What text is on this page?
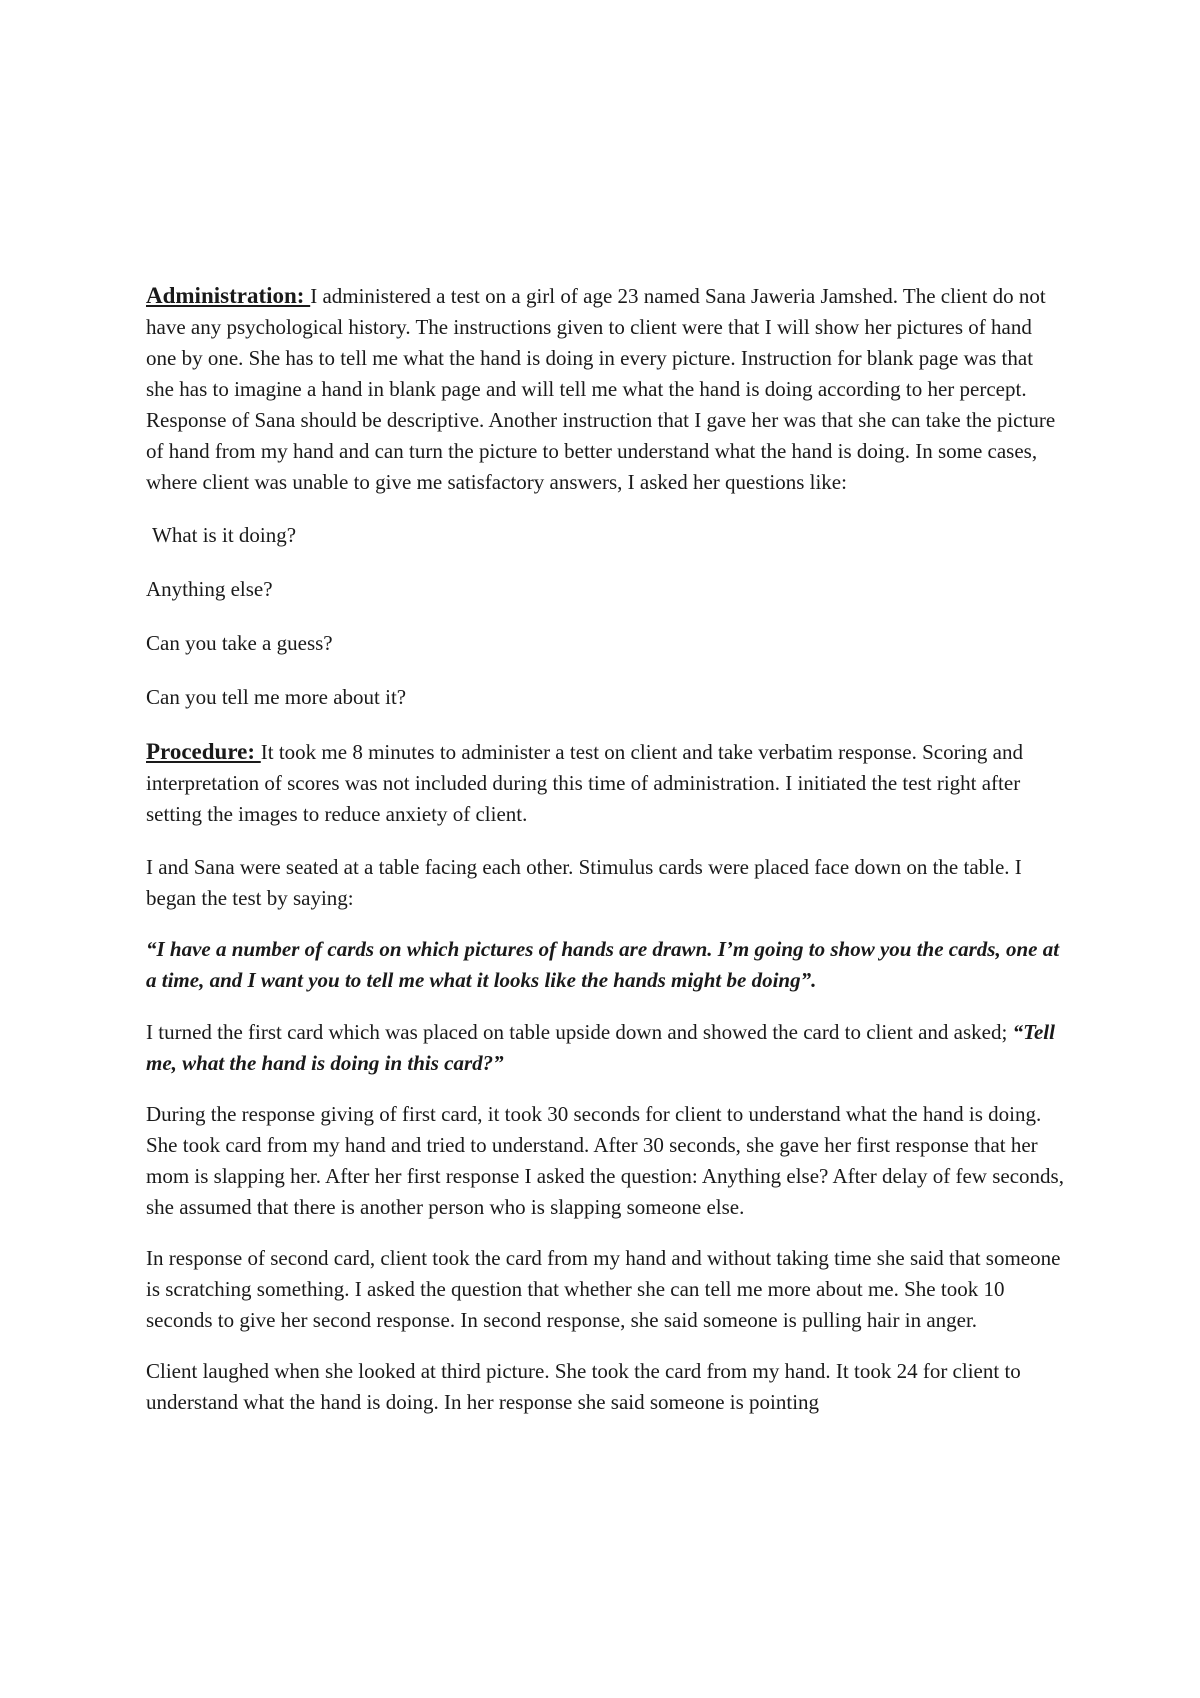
Administration: I administered a test on a girl of age 23 named Sana Jaweria Jamshed. The client do not have any psychological history. The instructions given to client were that I will show her pictures of hand one by one. She has to tell me what the hand is doing in every picture. Instruction for blank page was that she has to imagine a hand in blank page and will tell me what the hand is doing according to her percept. Response of Sana should be descriptive. Another instruction that I gave her was that she can take the picture of hand from my hand and can turn the picture to better understand what the hand is doing. In some cases, where client was unable to give me satisfactory answers, I asked her questions like:

What is it doing?

Anything else?

Can you take a guess?

Can you tell me more about it?

Procedure: It took me 8 minutes to administer a test on client and take verbatim response. Scoring and interpretation of scores was not included during this time of administration. I initiated the test right after setting the images to reduce anxiety of client.

I and Sana were seated at a table facing each other. Stimulus cards were placed face down on the table. I began the test by saying:

“I have a number of cards on which pictures of hands are drawn. I’m going to show you the cards, one at a time, and I want you to tell me what it looks like the hands might be doing”.

I turned the first card which was placed on table upside down and showed the card to client and asked; “Tell me, what the hand is doing in this card?”

During the response giving of first card, it took 30 seconds for client to understand what the hand is doing. She took card from my hand and tried to understand. After 30 seconds, she gave her first response that her mom is slapping her. After her first response I asked the question: Anything else? After delay of few seconds, she assumed that there is another person who is slapping someone else.

In response of second card, client took the card from my hand and without taking time she said that someone is scratching something. I asked the question that whether she can tell me more about me. She took 10 seconds to give her second response. In second response, she said someone is pulling hair in anger.

Client laughed when she looked at third picture. She took the card from my hand. It took 24 for client to understand what the hand is doing. In her response she said someone is pointing
